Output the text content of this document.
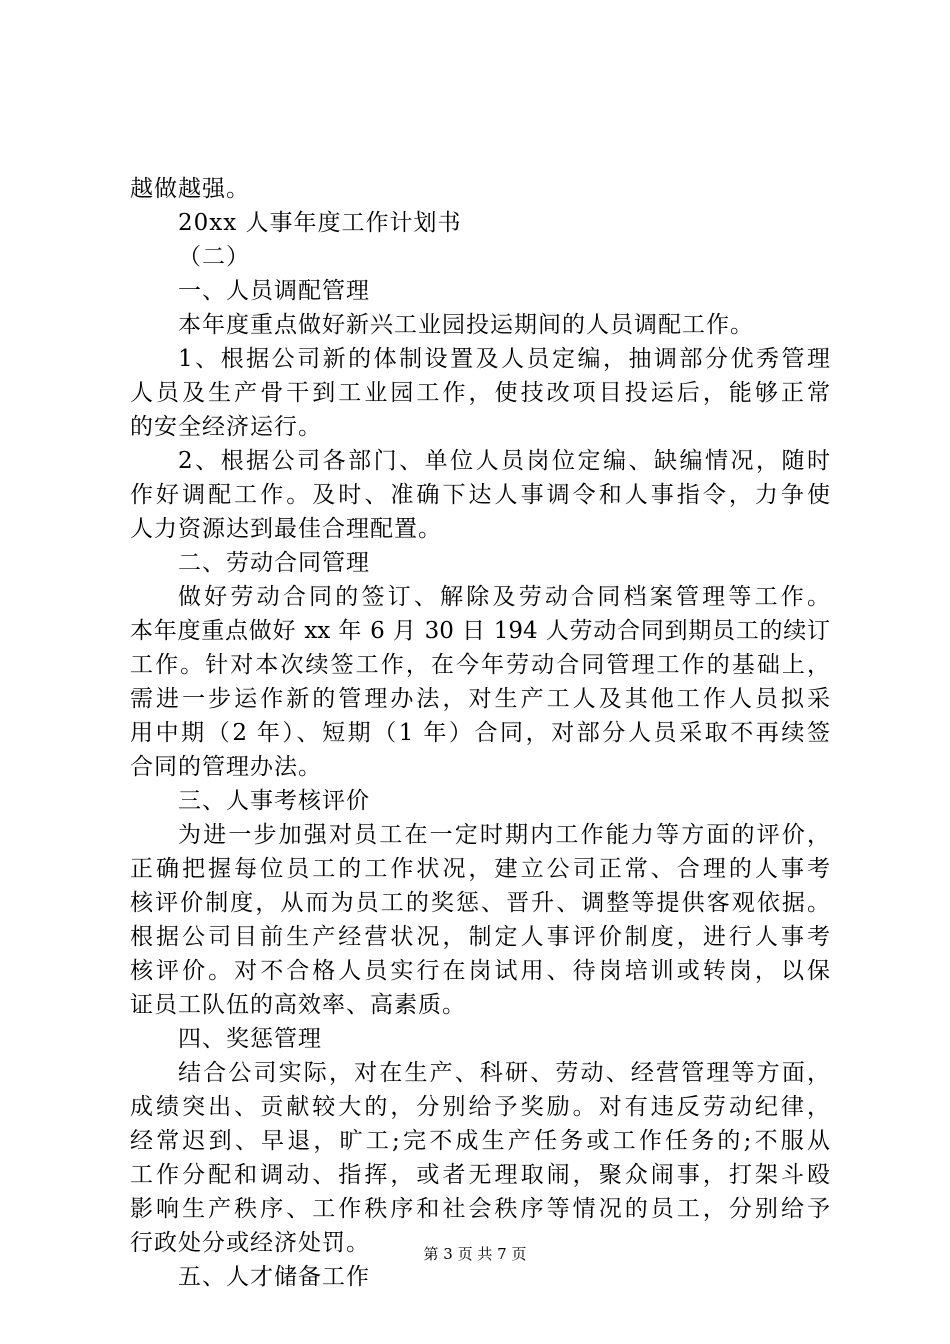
越做越强。
20xx 人事年度工作计划书
（二）
一、人员调配管理
本年度重点做好新兴工业园投运期间的人员调配工作。
1、根据公司新的体制设置及人员定编，抽调部分优秀管理
人员及生产骨干到工业园工作，使技改项目投运后，能够正常
的安全经济运行。
2、根据公司各部门、单位人员岗位定编、缺编情况，随时
作好调配工作。及时、准确下达人事调令和人事指令，力争使
人力资源达到最佳合理配置。
二、劳动合同管理
做好劳动合同的签订、解除及劳动合同档案管理等工作。
本年度重点做好 xx 年 6 月 30 日 194 人劳动合同到期员工的续订
工作。针对本次续签工作，在今年劳动合同管理工作的基础上，
需进一步运作新的管理办法，对生产工人及其他工作人员拟采
用中期（2 年）、短期（1 年）合同，对部分人员采取不再续签
合同的管理办法。
三、人事考核评价
为进一步加强对员工在一定时期内工作能力等方面的评价，
正确把握每位员工的工作状况，建立公司正常、合理的人事考
核评价制度，从而为员工的奖惩、晋升、调整等提供客观依据。
根据公司目前生产经营状况，制定人事评价制度，进行人事考
核评价。对不合格人员实行在岗试用、待岗培训或转岗，以保
证员工队伍的高效率、高素质。
四、奖惩管理
结合公司实际，对在生产、科研、劳动、经营管理等方面，
成绩突出、贡献较大的，分别给予奖励。对有违反劳动纪律，
经常迟到、早退，旷工;完不成生产任务或工作任务的;不服从
工作分配和调动、指挥，或者无理取闹，聚众闹事，打架斗殴
影响生产秩序、工作秩序和社会秩序等情况的员工，分别给予
行政处分或经济处罚。
五、人才储备工作
第 3 页 共 7 页
